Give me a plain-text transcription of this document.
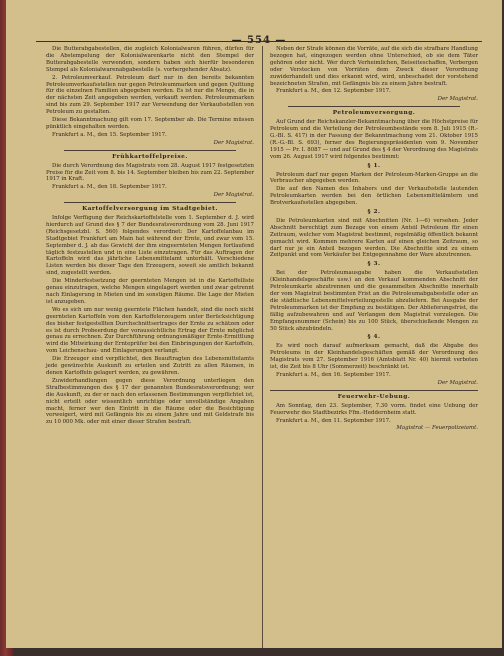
— 554 —

Die Butterabgabestellen, die zugleich Kolonialwaren führen, dürfen für die Abstempelung der Kolonialwarenkarte nicht den Stempel der Butterabgabestelle verwenden, sondern haben sich hierfür besonderen Stempel als Kolonialwarenabgabestelle (s. vorhergehender Absatz).

2. Petroleumverkauf. Petroleum darf nur in den bereits bekannten Petroleumverkaufsstellen nur gegen Petroleummarken und gegen Quittung für die einzelnen Familien abgegeben werden. Es ist nur die Menge, die in der nächsten Zeit angegeben werden, verkauft werden. Petroleummarken sind bis zum 29. September 1917 zur Verwendung der Verkaufsstellen von Petroleum zu gestalten.

Diese Bekanntmachung gilt vom 17. September ab. Die Termine müssen pünktlich eingehalten werden.

Frankfurt a. M., den 15. September 1917.

Der Magistrat.

Frühkartoffelpreise.

Die durch Verordnung des Magistrats vom 28. August 1917 festgesetzten Preise für die Zeit vom 8. bis 14. September bleiben bis zum 22. September 1917 in Kraft.

Frankfurt a. M., den 18. September 1917.

Der Magistrat.

Kartoffelversorgung im Stadtgebiet.

Infolge Verfügung der Reichskartoffelstelle vom 1. September d. J. wird hierdurch auf Grund des § 7 der Bundesratsverordnung vom 28. Juni 1917 (Reichsgesetzbl. S. 560) folgendes verordnet: Der Kartoffelanbau im Stadtgebiet Frankfurt am Main hat während der Ernte, und zwar vom 15. September d. J. ab das Gewicht der ihm eingeernteten Mengen fortlaufend täglich festzustellen und in eine Liste einzutragen. Für das Auftragen der Kartoffeln wird das jährliche Lebensmittelamt unterhält. Verschiedene Listen werden bis dieser Tage den Erzeugern, soweit sie amtlich bekannt sind, zugestellt werden.

Die Minderfestsetzung der geernteten Mengen ist in die Kartoffelliste genau einzutragen, welche Mengen eingelagert werden und zwar getrennt nach Einlagerung in Mieten und im sonstigen Räume. Die Lage der Mieten ist anzugeben.

Wo es sich um nur wenig geerntete Flächen handelt, sind die noch nicht geernteten Kartoffeln vom den Kartoffelerzeugern unter Berücksichtigung des bisher festgestellten Durchschnittsertrages der Ernte zu schätzen oder es ist durch Probeerdung der voraussichtliche Ertrag der Ernte möglichst genau zu errechnen. Zur Durchführung ordnungsmäßiger Ernte-Ermittlung wird die Mitwirkung der Ernteprüfer bei den Einbringungen der Kartoffeln, vom Leichenschau- und Einlagerungen verlangt.

Die Erzeuger sind verpflichtet, den Beauftragten des Lebensmittelamts jede gewünschte Auskunft zu erteilen und Zutritt zu allen Räumen, in denen Kartoffeln gelagert werden, zu gewähren.

Zuwiderhandlungen gegen diese Verordnung unterliegen den Strafbestimmungen des § 17 der genannten Bundesratsverordnung; wer die Auskunft, zu der er nach den erlassenen Bestimmungen verpflichtet ist, nicht erteilt oder wissentlich unrichtige oder unvollständige Angaben macht, ferner wer den Eintritt in die Räume oder die Besichtigung verweigert, wird mit Gefängnis bis zu einem Jahre und mit Geldstrafe bis zu 10 000 Mk. oder mit einer dieser Strafen bestraft.

Neben der Strafe können die Vorräte, auf die sich die strafbare Handlung bezogen hat, eingezogen werden ohne Unterschied, ob sie dem Täter gehören oder nicht. Wer durch Verheimlichen, Beiseiteschaffen, Verbergen oder Verstecken von Vorräten dem Zweck dieser Verordnung zuwiderhandelt und dies erkannt wird, wird, unbeschadet der vorstehend bezeichneten Strafen, mit Gefängnis bis zu einem Jahre bestraft.

Frankfurt a. M., den 12. September 1917.

Der Magistrat.

Petroleumversorgung.

Auf Grund der Reichskanzler-Bekanntmachung über die Höchstpreise für Petroleum und die Verteilung der Petroleumbestände vom 8. Juli 1915 (R.-G.-Bl. S. 417) in der Fassung der Bekanntmachung vom 21. Oktober 1915 (R.-G.-Bl. S. 693), ferner des Regierungspräsidenten vom 9. November 1915 — Pr. I. 8087 — und auf Grund des § 4 der Verordnung des Magistrats vom 26. August 1917 wird folgendes bestimmt:

§ 1.

Petroleum darf nur gegen Marken der Petroleum-Marken-Gruppe an die Verbraucher abgegeben werden.

Die auf den Namen des Inhabers und der Verkaufsstelle lautenden Petroleumkarten werden bei den örtlichen Lebensmittelämtern und Brotverkaufsstellen abgegeben.

§ 2.

Die Petroleumkarten sind mit Abschnitten (Nr. 1—6) versehen. Jeder Abschnitt berechtigt zum Bezuge von einem Anteil Petroleum für einen Zeitraum, welcher vom Magistrat bestimmt, regelmäßig öffentlich bekannt gemacht wird. Kommen mehrere Karten auf einen gleichen Zeitraum, so darf nur je ein Anteil bezogen werden. Die Abschnitte sind zu einem Zeitpunkt und vom Verkäufer bei Entgegennahme der Ware abzutrennen.

§ 3.

Bei der Petroleumausgabe haben die Verkaufsstellen (Kleinhandelsgeschäfte usw.) an den Verkauf kommenden Abschnitt der Petroleumkarte abzutrennen und die gesammelten Abschnitte innerhalb der vom Magistrat bestimmten Frist an die Petroleumabgabestelle oder an die städtische Lebensmittelverteilungsstelle abzuliefern. Bei Ausgabe der Petroleummarken ist der Empfang zu bestätigen. Der Ablieferungsfrist, die fällig aufzubewahren und auf Verlangen dem Magistrat vorzulegen. Die Empfangsnummer (Schein) bis zu 100 Stück, überschießende Mengen zu 50 Stück abzubündeln.

§ 4.

Es wird noch darauf aufmerksam gemacht, daß die Abgabe des Petroleums in der Kleinhandelsgeschäften gemäß der Verordnung des Magistrats vom 27. September 1916 (Amtsblatt Nr. 40) hiermit verboten ist, die Zeit bis 8 Uhr (Sommerzeit) beschränkt ist.

Frankfurt a. M., den 16. September 1917.

Der Magistrat.

Feuerwehr-Uebung.

Am Sonntag, den 23. September, 7.30 vorm. findet eine Uebung der Feuerwehr des Stadtbezirks Ffm.-Heddernheim statt.

Frankfurt a. M., den 11. September 1917.

Magistrat — Feuerpolizeiamt.
